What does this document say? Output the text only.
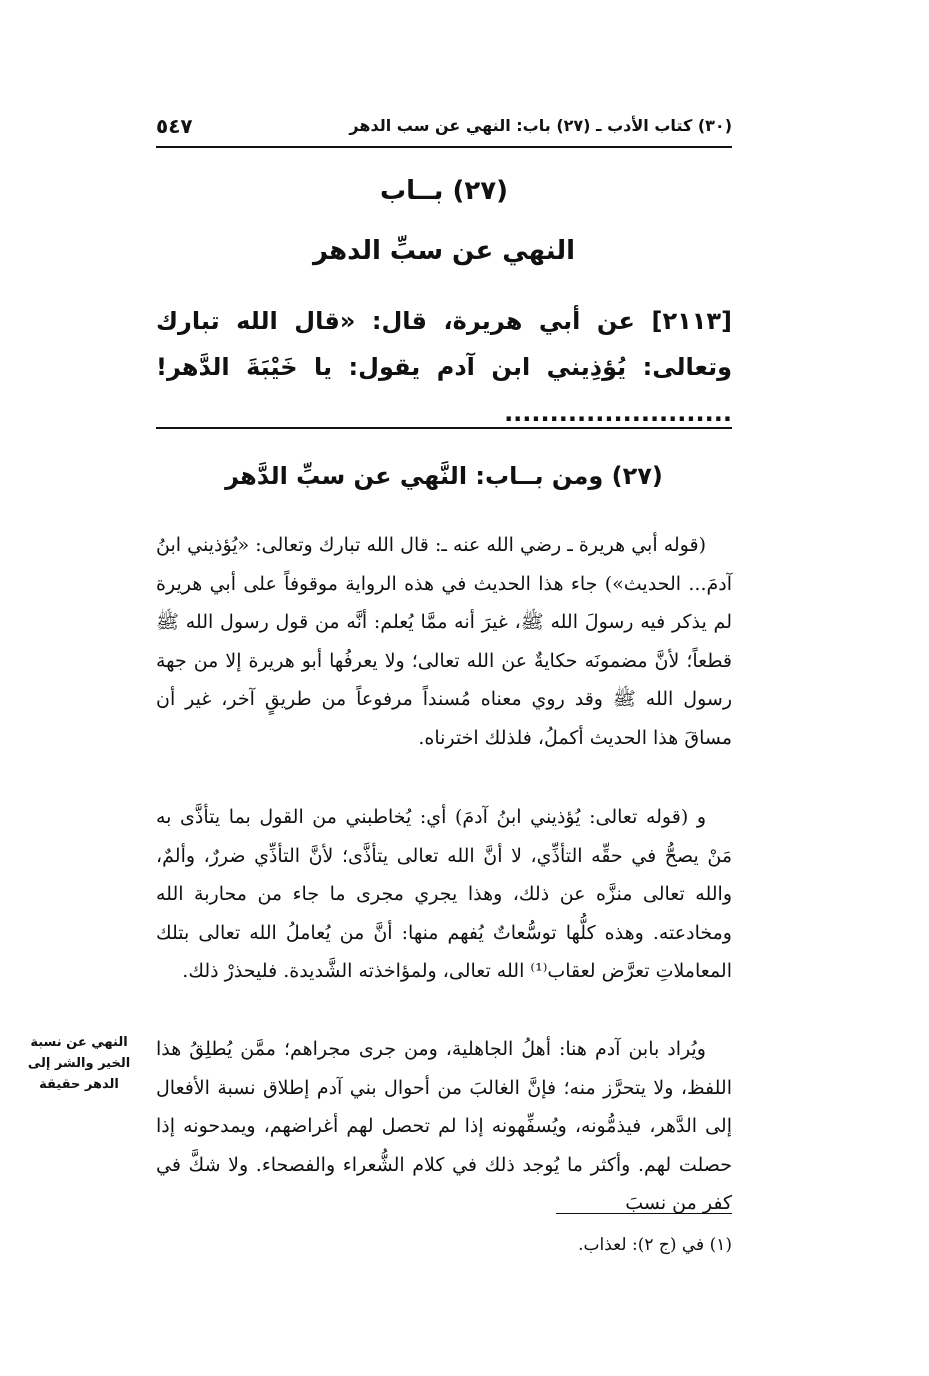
(٣٠) كتاب الأدب ـ (٢٧) باب: النهي عن سب الدهر
٥٤٧
(٢٧) بــاب
النهي عن سبِّ الدهر
[٢١١٣] عن أبي هريرة، قال: «قال الله تبارك وتعالى: يُؤذِيني ابن آدم يقول: يا خَيْبَةَ الدَّهر! .........................
(٢٧) ومن بــاب: النَّهي عن سبِّ الدَّهر

(قوله أبي هريرة ـ رضي الله عنه ـ: قال الله تبارك وتعالى: «يُؤذيني ابنُ آدمَ... الحديث») جاء هذا الحديث في هذه الرواية موقوفاً على أبي هريرة لم يذكر فيه رسولَ الله ﷺ، غيرَ أنه ممَّا يُعلم: أنَّه من قول رسول الله ﷺ قطعاً؛ لأنَّ مضمونَه حكايةٌ عن الله تعالى؛ ولا يعرفُها أبو هريرة إلا من جهة رسول الله ﷺ وقد روي معناه مُسنداً مرفوعاً من طريقٍ آخر، غير أن مساقَ هذا الحديث أكملُ، فلذلك اخترناه.

و (قوله تعالى: يُؤذيني ابنُ آدمَ) أي: يُخاطبني من القول بما يتأذَّى به مَنْ يصحُّ في حقِّه التأذِّي، لا أنَّ الله تعالى يتأذَّى؛ لأنَّ التأذِّي ضررٌ، وألمٌ، والله تعالى منزَّه عن ذلك، وهذا يجري مجرى ما جاء من محاربة الله ومخادعته. وهذه كلُّها توسُّعاتٌ يُفهم منها: أنَّ من يُعاملُ الله تعالى بتلك المعاملاتِ تعرَّض لعقاب⁽¹⁾ الله تعالى، ولمؤاخذته الشَّديدة. فليحذرْ ذلك.

ويُراد بابن آدم هنا: أهلُ الجاهلية، ومن جرى مجراهم؛ ممَّن يُطلِقُ هذا اللفظ، ولا يتحرَّز منه؛ فإنَّ الغالبَ من أحوال بني آدم إطلاق نسبة الأفعال إلى الدَّهر، فيذمُّونه، ويُسفِّهونه إذا لم تحصل لهم أغراضهم، ويمدحونه إذا حصلت لهم. وأكثر ما يُوجد ذلك في كلام الشُّعراء والفصحاء. ولا شكَّ في كفر من نسبَ

النهي عن نسبة الخير والشر إلى الدهر حقيقة
(١) في (ج ٢): لعذاب.
